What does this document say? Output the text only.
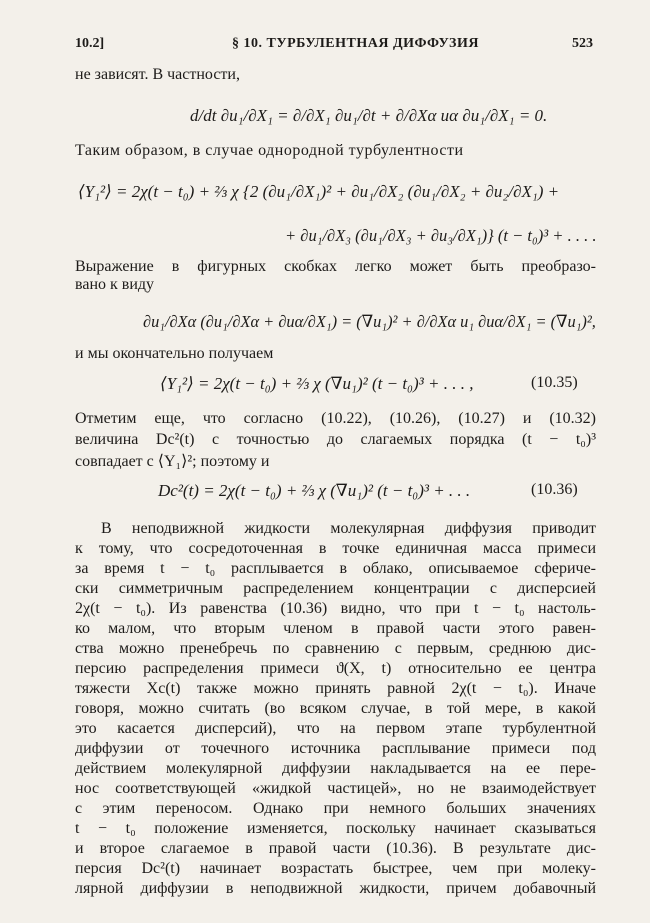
10.2]	§ 10. ТУРБУЛЕНТНАЯ ДИФФУЗИЯ	523
не зависят. В частности,
d/dt ∂u₁/∂X₁ = ∂/∂X₁ ∂u₁/∂t + ∂/∂Xα uα ∂u₁/∂X₁ = 0.
Таким образом, в случае однородной турбулентности
⟨Y₁²⟩ = 2χ(t − t₀) + ⅔ χ {2 (∂u₁/∂X₁)² + ∂u₁/∂X₂ (∂u₁/∂X₂ + ∂u₂/∂X₁) +
+ ∂u₁/∂X₃ (∂u₁/∂X₃ + ∂u₃/∂X₁)} (t − t₀)³ + . . . .
Выражение в фигурных скобках легко может быть преобразо-
вано к виду
∂u₁/∂Xα (∂u₁/∂Xα + ∂uα/∂X₁) = (∇u₁)² + ∂/∂Xα u₁ ∂uα/∂X₁ = (∇u₁)²,
и мы окончательно получаем
⟨Y₁²⟩ = 2χ(t − t₀) + ⅔ χ (∇u₁)² (t − t₀)³ + . . . ,	(10.35)
Отметим еще, что согласно (10.22), (10.26), (10.27) и (10.32)
величина Dc²(t) с точностью до слагаемых порядка (t − t₀)³
совпадает с ⟨Y₁⟩²; поэтому и
Dc²(t) = 2χ(t − t₀) + ⅔ χ (∇u₁)² (t − t₀)³ + . . .	(10.36)
В неподвижной жидкости молекулярная диффузия приводит
к тому, что сосредоточенная в точке единичная масса примеси
за время t − t₀ расплывается в облако, описываемое сфериче-
ски симметричным распределением концентрации с дисперсией
2χ(t − t₀). Из равенства (10.36) видно, что при t − t₀ настоль-
ко малом, что вторым членом в правой части этого равен-
ства можно пренебречь по сравнению с первым, среднюю дис-
персию распределения примеси ϑ(X, t) относительно ее центра
тяжести Xc(t) также можно принять равной 2χ(t − t₀). Иначе
говоря, можно считать (во всяком случае, в той мере, в какой
это касается дисперсий), что на первом этапе турбулентной
диффузии от точечного источника расплывание примеси под
действием молекулярной диффузии накладывается на ее пере-
нос соответствующей «жидкой частицей», но не взаимодействует
с этим переносом. Однако при немного больших значениях
t − t₀ положение изменяется, поскольку начинает сказываться
и второе слагаемое в правой части (10.36). В результате дис-
персия Dc²(t) начинает возрастать быстрее, чем при молеку-
лярной диффузии в неподвижной жидкости, причем добавочный
